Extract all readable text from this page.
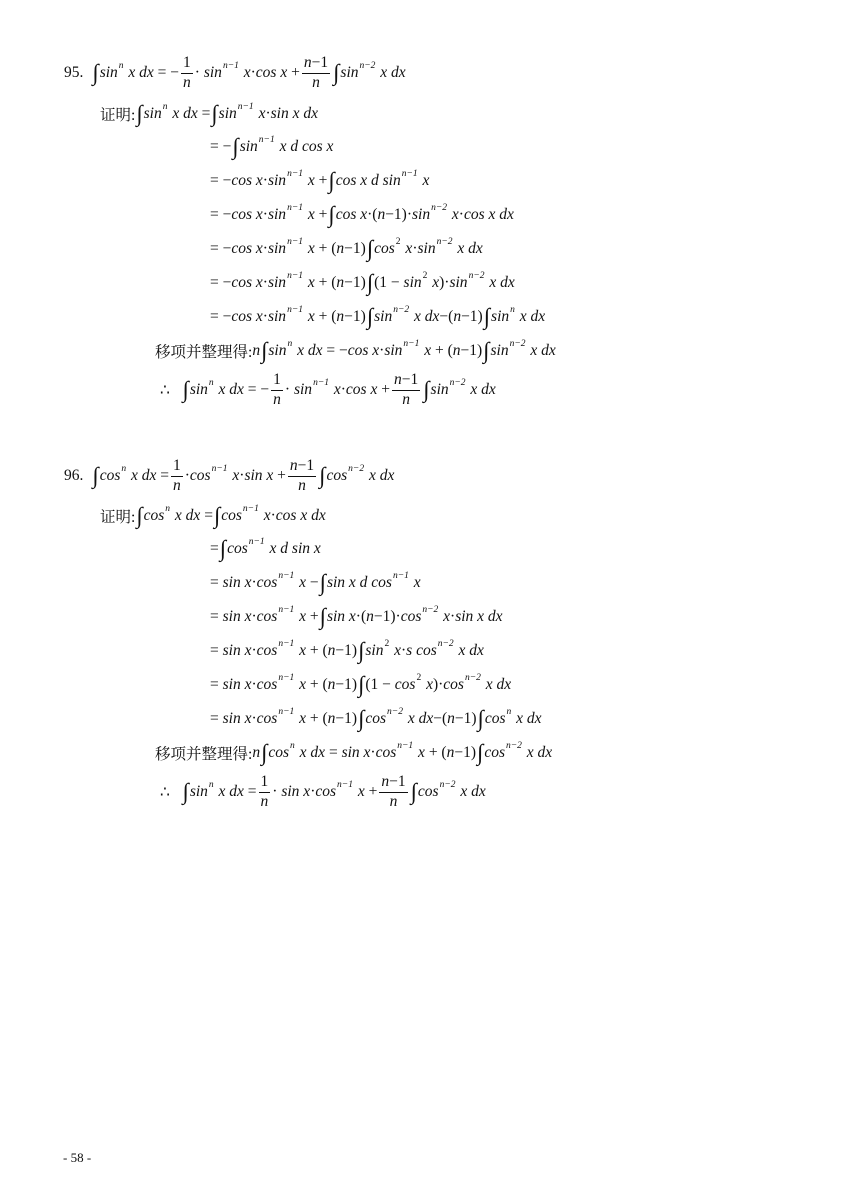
95. ∫ $\sin^n x$ dx =
− $\frac{1}{n} \cdot \sin^{n-1} x \cdot \cos x + \frac{n-1}{n}$ ∫ $\sin^{n-2} x$ dx
证明: ∫ $\sin^n x$ dx = ∫ $\sin^{n-1} x \cdot \sin x$ dx
=
− ∫ $\sin^{n-1} x$ d cos x
=
− $\cos x \cdot \sin^{n-1} x$ + ∫ cos x d $\sin^{n-1} x$
=
− $\cos x \cdot \sin^{n-1} x$ + ∫ cos x ·( $n -1)\cdot \sin^{n-2} x \cdot \cos x$ dx
=
− $\cos x \cdot \sin^{n-1} x$ + ( n −1) ∫ $\cos^2 x \cdot \sin^{n-2} x$ dx
=
− $\cos x \cdot \sin^{n-1} x$ + ( n −1) ∫ ($1 - \sin^2 x$ )· $\sin^{n-2} x$ dx
=
− $\cos x \cdot \sin^{n-1} x$ + ( n −1) ∫ $\sin^{n-2} x$ dx −( n −1) ∫ $\sin^n x$ dx
移项并整理得: n ∫ $\sin^n x$ dx =
− $\cos x \cdot \sin^{n-1} x$ + ( n −1) ∫ $\sin^{n-2} x$ dx
∴
∫ $\sin^n x$ dx =
− $\frac{1}{n} \cdot \sin^{n-1} x \cdot \cos x + \frac{n-1}{n}$ ∫ $\sin^{n-2} x$ dx
96. ∫ $\cos^n x$ dx = $\frac{1}{n} \cdot \cos^{n-1} x \cdot \sin x + \frac{n-1}{n}$ ∫ $\cos^{n-2} x$ dx
证明: ∫ $\cos^n x$ dx = ∫ $\cos^{n-1} x \cdot \cos x$ dx
= ∫ $\cos^{n-1} x$ d sin x
= $\sin x \cdot \cos^{n-1} x$ − ∫ sin x d $\cos^{n-1} x$
= $\sin x \cdot \cos^{n-1} x$ + ∫ sin x ·( $n -1)\cdot \cos^{n-2} x \cdot \sin x$ dx
= $\sin x \cdot \cos^{n-1} x$ + ( n −1) ∫ $\sin^2 x \cdot s$ $\cos^{n-2} x$ dx
= $\sin x \cdot \cos^{n-1} x$ + ( n −1) ∫ ($1 - \cos^2 x$ )· $\cos^{n-2} x$ dx
= $\sin x \cdot \cos^{n-1} x$ + ( n −1) ∫ $\cos^{n-2} x$ dx −( n −1) ∫ $\cos^n x$ dx
移项并整理得: n ∫ $\cos^n x$ dx = $\sin x \cdot \cos^{n-1} x$ + ( n −1) ∫ $\cos^{n-2} x$ dx
∴
∫ $\sin^n x$ dx = $\frac{1}{n} \cdot \sin x \cdot \cos^{n-1} x + \frac{n-1}{n}$ ∫ $\cos^{n-2} x$ dx
- 58 -
